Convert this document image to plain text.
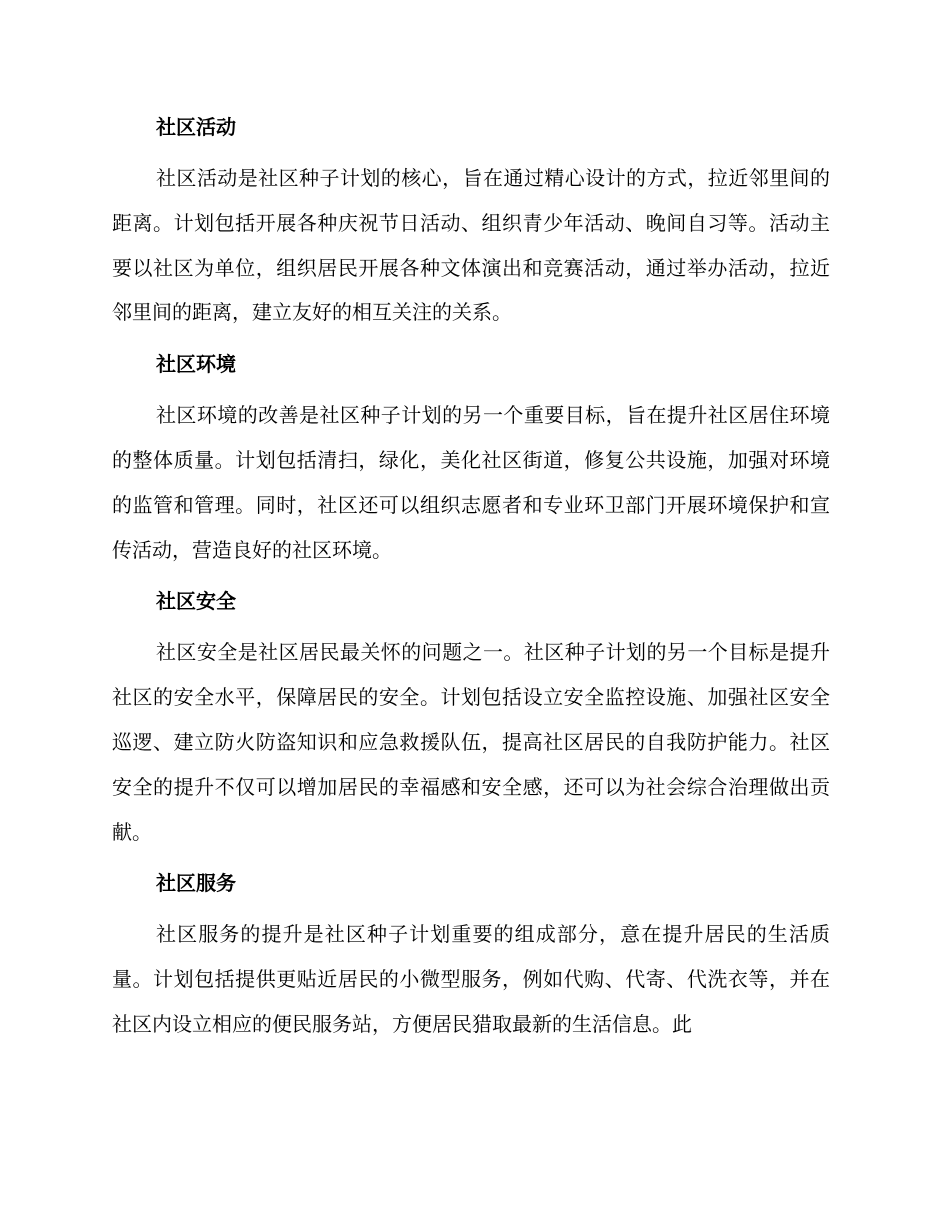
社区活动

社区活动是社区种子计划的核心，旨在通过精心设计的方式，拉近邻里间的距离。计划包括开展各种庆祝节日活动、组织青少年活动、晚间自习等。活动主要以社区为单位，组织居民开展各种文体演出和竞赛活动，通过举办活动，拉近邻里间的距离，建立友好的相互关注的关系。

社区环境

社区环境的改善是社区种子计划的另一个重要目标，旨在提升社区居住环境的整体质量。计划包括清扫，绿化，美化社区街道，修复公共设施，加强对环境的监管和管理。同时，社区还可以组织志愿者和专业环卫部门开展环境保护和宣传活动，营造良好的社区环境。

社区安全

社区安全是社区居民最关怀的问题之一。社区种子计划的另一个目标是提升社区的安全水平，保障居民的安全。计划包括设立安全监控设施、加强社区安全巡逻、建立防火防盗知识和应急救援队伍，提高社区居民的自我防护能力。社区安全的提升不仅可以增加居民的幸福感和安全感，还可以为社会综合治理做出贡献。

社区服务

社区服务的提升是社区种子计划重要的组成部分，意在提升居民的生活质量。计划包括提供更贴近居民的小微型服务，例如代购、代寄、代洗衣等，并在社区内设立相应的便民服务站，方便居民猎取最新的生活信息。此
